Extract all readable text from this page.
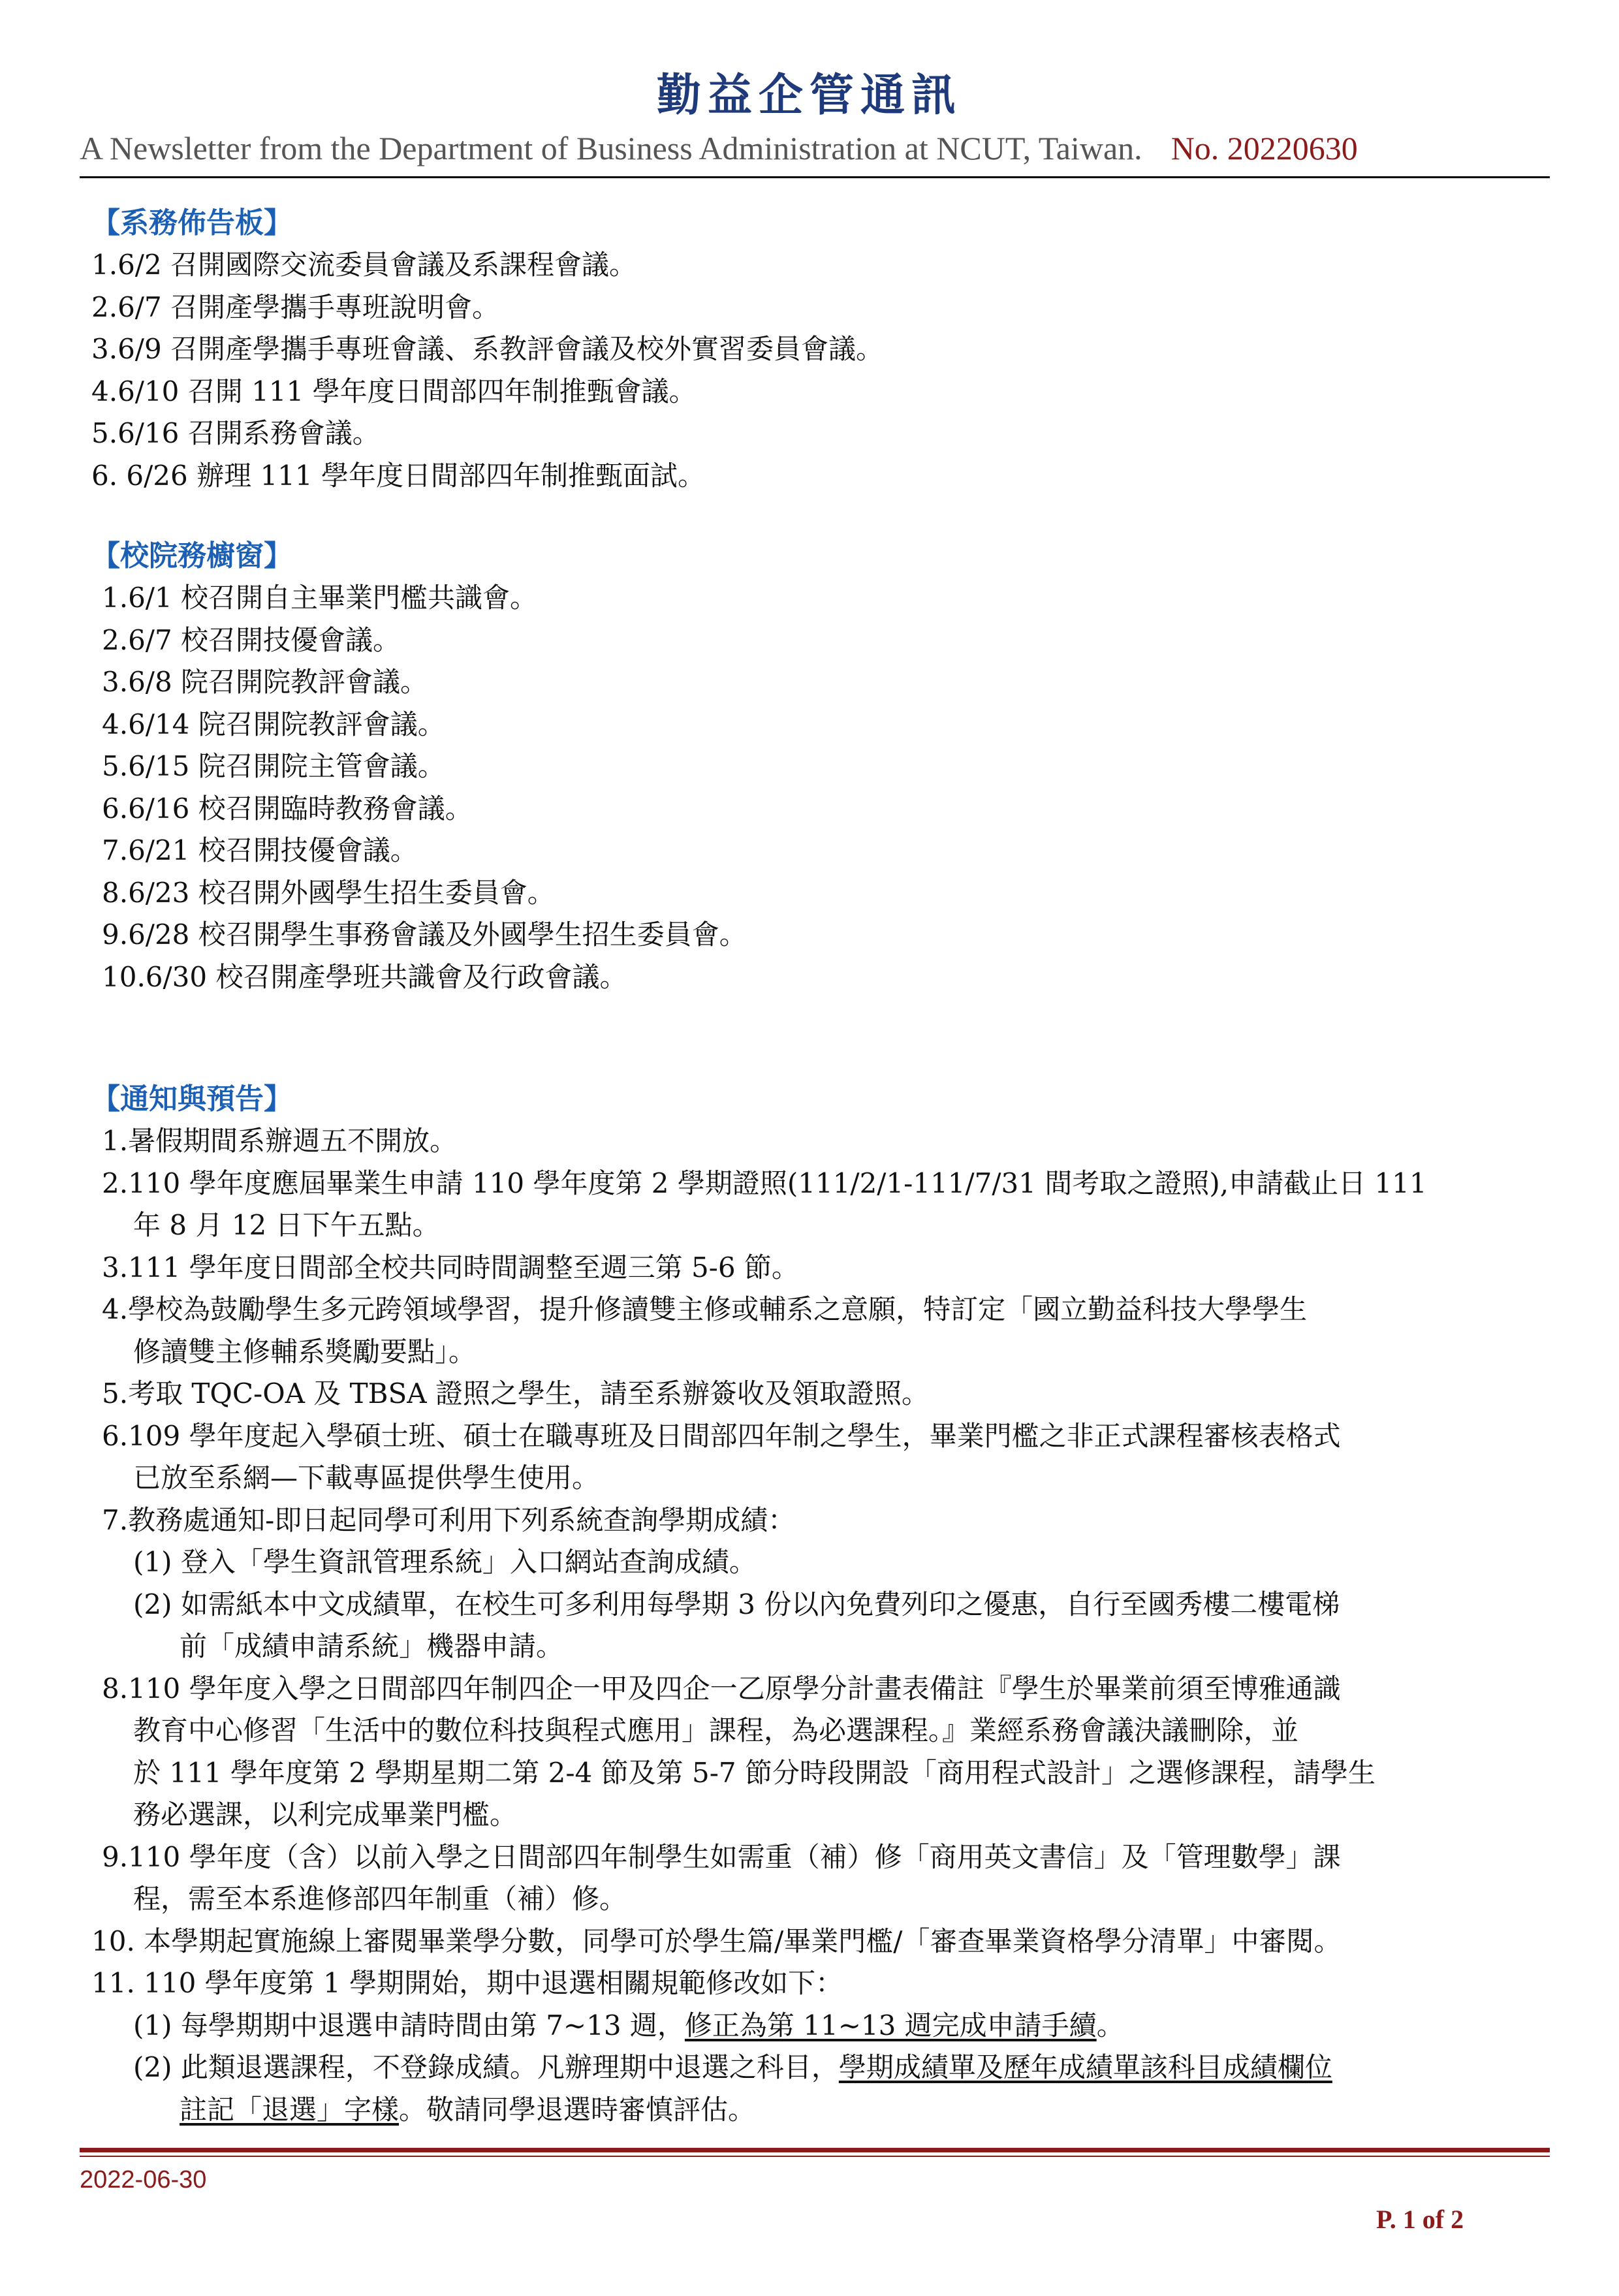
勤益企管通訊
A Newsletter from the Department of Business Administration at NCUT, Taiwan. No. 20220630
【系務佈告板】
1.6/2 召開國際交流委員會議及系課程會議。
2.6/7 召開產學攜手專班說明會。
3.6/9 召開產學攜手專班會議、系教評會議及校外實習委員會議。
4.6/10 召開 111 學年度日間部四年制推甄會議。
5.6/16 召開系務會議。
6. 6/26 辦理 111 學年度日間部四年制推甄面試。
【校院務櫥窗】
1.6/1 校召開自主畢業門檻共識會。
2.6/7 校召開技優會議。
3.6/8 院召開院教評會議。
4.6/14 院召開院教評會議。
5.6/15 院召開院主管會議。
6.6/16 校召開臨時教務會議。
7.6/21 校召開技優會議。
8.6/23 校召開外國學生招生委員會。
9.6/28 校召開學生事務會議及外國學生招生委員會。
10.6/30 校召開產學班共識會及行政會議。
【通知與預告】
1.暑假期間系辦週五不開放。
2.110 學年度應屆畢業生申請 110 學年度第 2 學期證照(111/2/1-111/7/31 間考取之證照),申請截止日 111
年 8 月 12 日下午五點。
3.111 學年度日間部全校共同時間調整至週三第 5-6 節。
4.學校為鼓勵學生多元跨領域學習，提升修讀雙主修或輔系之意願，特訂定「國立勤益科技大學學生
修讀雙主修輔系獎勵要點」。
5.考取 TQC-OA 及 TBSA 證照之學生，請至系辦簽收及領取證照。
6.109 學年度起入學碩士班、碩士在職專班及日間部四年制之學生，畢業門檻之非正式課程審核表格式
已放至系網—下載專區提供學生使用。
7.教務處通知-即日起同學可利用下列系統查詢學期成績：
(1) 登入「學生資訊管理系統」入口網站查詢成績。
(2) 如需紙本中文成績單，在校生可多利用每學期 3 份以內免費列印之優惠，自行至國秀樓二樓電梯
前「成績申請系統」機器申請。
8.110 學年度入學之日間部四年制四企一甲及四企一乙原學分計畫表備註『學生於畢業前須至博雅通識
教育中心修習「生活中的數位科技與程式應用」課程，為必選課程。』業經系務會議決議刪除，並
於 111 學年度第 2 學期星期二第 2-4 節及第 5-7 節分時段開設「商用程式設計」之選修課程，請學生
務必選課，以利完成畢業門檻。
9.110 學年度（含）以前入學之日間部四年制學生如需重（補）修「商用英文書信」及「管理數學」課
程，需至本系進修部四年制重（補）修。
10. 本學期起實施線上審閱畢業學分數，同學可於學生篇/畢業門檻/「審查畢業資格學分清單」中審閱。
11. 110 學年度第 1 學期開始，期中退選相關規範修改如下：
(1) 每學期期中退選申請時間由第 7~13 週，修正為第 11~13 週完成申請手續。
(2) 此類退選課程，不登錄成績。凡辦理期中退選之科目，學期成績單及歷年成績單該科目成績欄位
註記「退選」字樣。敬請同學退選時審慎評估。
2022-06-30
P. 1 of 2
